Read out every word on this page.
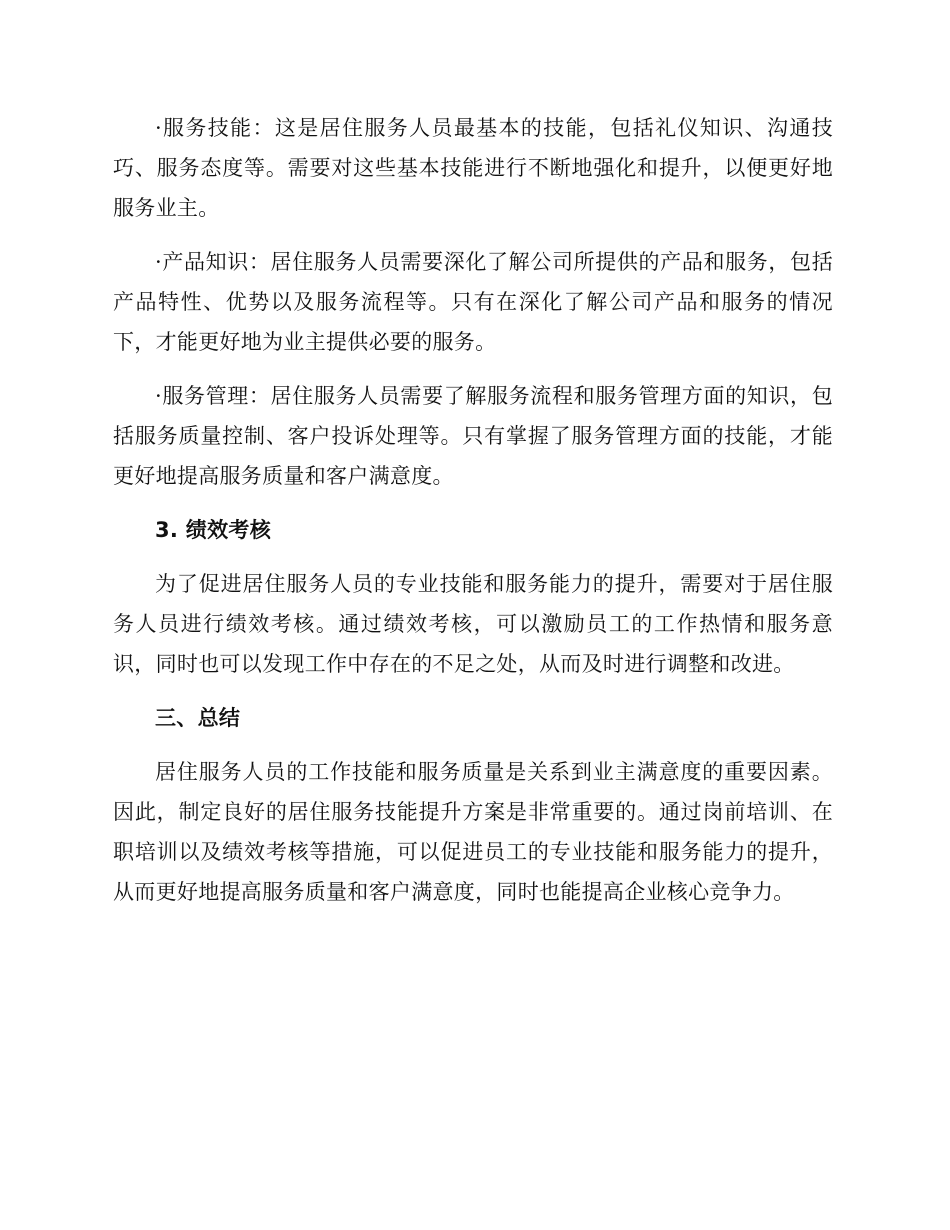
·服务技能：这是居住服务人员最基本的技能，包括礼仪知识、沟通技巧、服务态度等。需要对这些基本技能进行不断地强化和提升，以便更好地服务业主。

·产品知识：居住服务人员需要深化了解公司所提供的产品和服务，包括产品特性、优势以及服务流程等。只有在深化了解公司产品和服务的情况下，才能更好地为业主提供必要的服务。

·服务管理：居住服务人员需要了解服务流程和服务管理方面的知识，包括服务质量控制、客户投诉处理等。只有掌握了服务管理方面的技能，才能更好地提高服务质量和客户满意度。

3. 绩效考核

为了促进居住服务人员的专业技能和服务能力的提升，需要对于居住服务人员进行绩效考核。通过绩效考核，可以激励员工的工作热情和服务意识，同时也可以发现工作中存在的不足之处，从而及时进行调整和改进。

三、总结

居住服务人员的工作技能和服务质量是关系到业主满意度的重要因素。因此，制定良好的居住服务技能提升方案是非常重要的。通过岗前培训、在职培训以及绩效考核等措施，可以促进员工的专业技能和服务能力的提升，从而更好地提高服务质量和客户满意度，同时也能提高企业核心竞争力。
